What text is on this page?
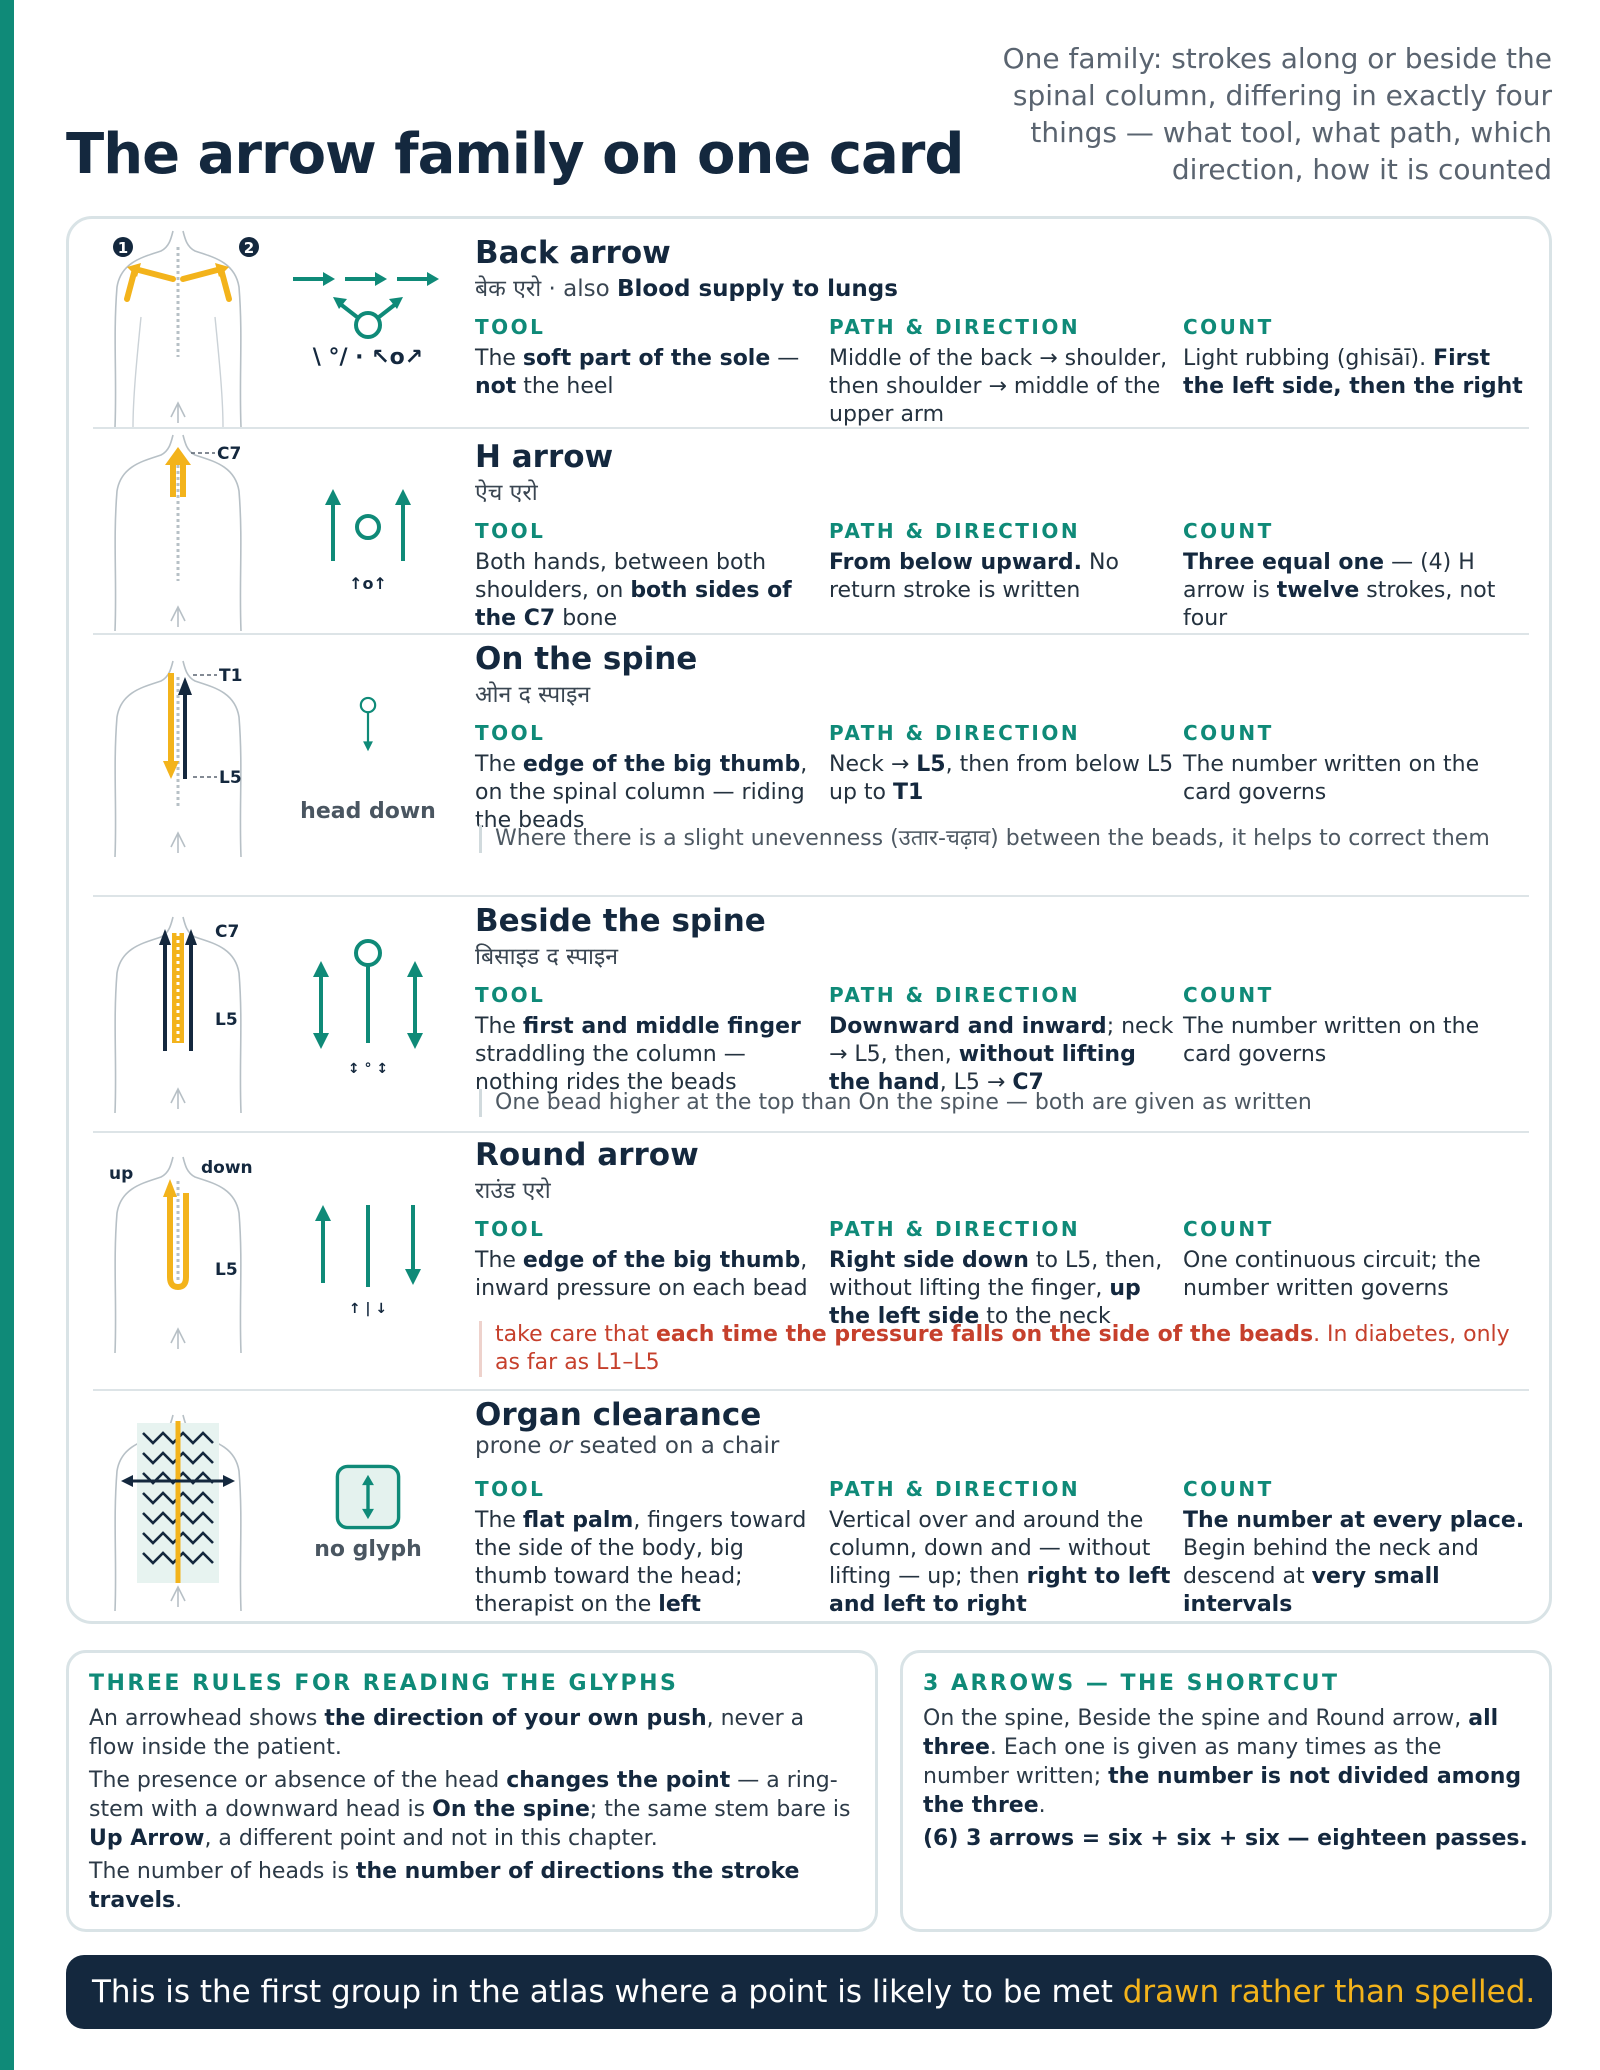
The arrow family on one card
One family: strokes along or beside the spinal column, differing in exactly four things — what tool, what path, which direction, how it is counted
1	2
\ °/ · ↖o↗
Back arrow
बेक एरो · also Blood supply to lungs
TOOL
The soft part of the sole — not the heel
PATH & DIRECTION
Middle of the back → shoulder, then shoulder → middle of the upper arm
COUNT
Light rubbing (ghisāī). First the left side, then the right
C7
↑o↑
H arrow
ऐच एरो
TOOL
Both hands, between both shoulders, on both sides of the C7 bone
PATH & DIRECTION
From below upward. No return stroke is written
COUNT
Three equal one — (4) H arrow is twelve strokes, not four
T1
L5
head down
On the spine
ओन द स्पाइन
TOOL
The edge of the big thumb, on the spinal column — riding the beads
PATH & DIRECTION
Neck → L5, then from below L5 up to T1
COUNT
The number written on the card governs
Where there is a slight unevenness (उतार-चढ़ाव) between the beads, it helps to correct them
C7
L5
↕ ° ↕
Beside the spine
बिसाइड द स्पाइन
TOOL
The first and middle finger straddling the column — nothing rides the beads
PATH & DIRECTION
Downward and inward; neck → L5, then, without lifting the hand, L5 → C7
COUNT
The number written on the card governs
One bead higher at the top than On the spine — both are given as written
up	down
L5
↑ | ↓
Round arrow
राउंड एरो
TOOL
The edge of the big thumb, inward pressure on each bead
PATH & DIRECTION
Right side down to L5, then, without lifting the finger, up the left side to the neck
COUNT
One continuous circuit; the number written governs
take care that each time the pressure falls on the side of the beads. In diabetes, only as far as L1–L5
no glyph
Organ clearance
prone or seated on a chair
TOOL
The flat palm, fingers toward the side of the body, big thumb toward the head; therapist on the left
PATH & DIRECTION
Vertical over and around the column, down and — without lifting — up; then right to left and left to right
COUNT
The number at every place. Begin behind the neck and descend at very small intervals
THREE RULES FOR READING THE GLYPHS

An arrowhead shows the direction of your own push, never a flow inside the patient.

The presence or absence of the head changes the point — a ring-stem with a downward head is On the spine; the same stem bare is Up Arrow, a different point and not in this chapter.

The number of heads is the number of directions the stroke travels.

3 ARROWS — THE SHORTCUT

On the spine, Beside the spine and Round arrow, all three. Each one is given as many times as the number written; the number is not divided among the three.

(6) 3 arrows = six + six + six — eighteen passes.

This is the first group in the atlas where a point is likely to be met drawn rather than spelled.
